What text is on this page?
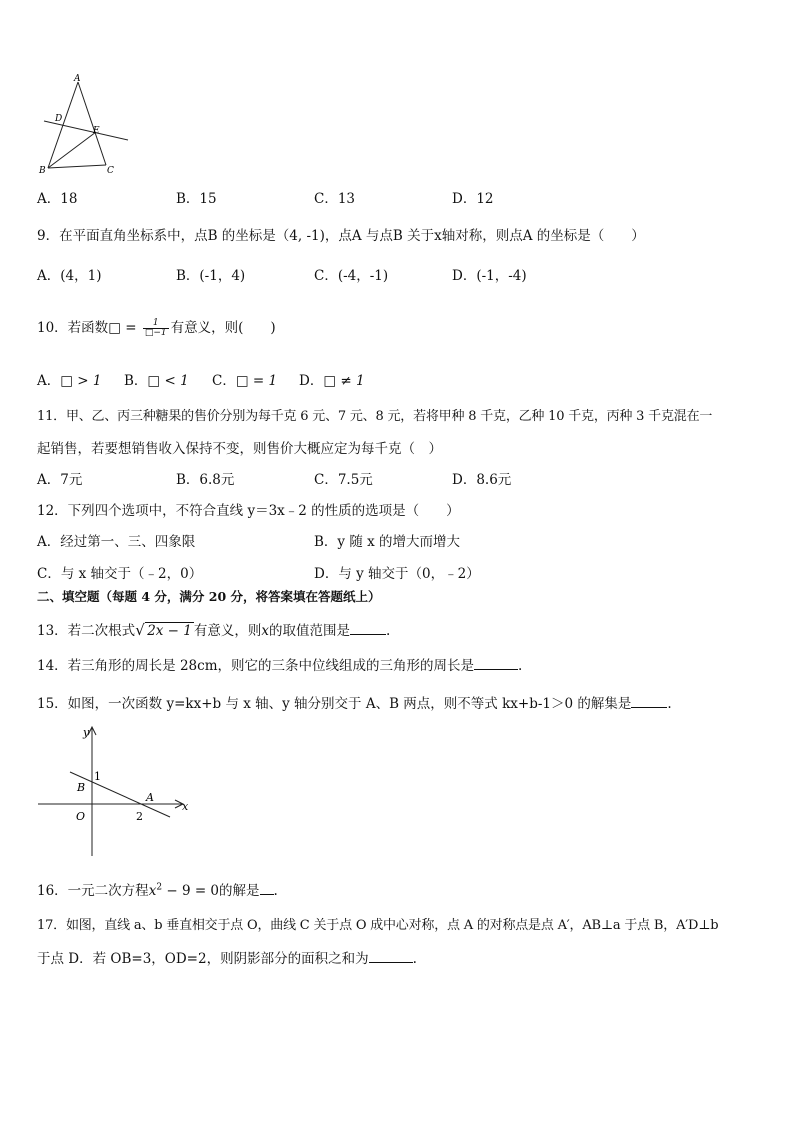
A
D
E
B	C
A．18	B．15	C．13	D．12
9．在平面直角坐标系中，点B 的坐标是（4, -1)，点A 与点B 关于x轴对称，则点A 的坐标是（　　）
A．(4，1)	B．(-1，4)	C．(-4，-1)	D．(-1，-4)
10．若函数□ = $\frac{1}{□-1}$ 有意义，则(　　)
A．□ > 1 B．□ < 1 C．□ = 1 D．□ ≠ 1
11．甲、乙、丙三种糖果的售价分别为每千克 6 元、7 元、8 元，若将甲种 8 千克，乙种 10 千克，丙种 3 千克混在一
起销售，若要想销售收入保持不变，则售价大概应定为每千克（　）
A．7元	B．6.8元	C．7.5元	D．8.6元
12．下列四个选项中，不符合直线 y＝3x﹣2 的性质的选项是（　　）
A．经过第一、三、四象限	B．y 随 x 的增大而增大
C．与 x 轴交于（﹣2，0）	D．与 y 轴交于（0，﹣2）
二、填空题（每题 4 分，满分 20 分，将答案填在答题纸上）
13．若二次根式 √ 2x − 1 有意义，则x的取值范围是	.
14．若三角形的周长是 28cm，则它的三条中位线组成的三角形的周长是	.
15．如图，一次函数 y=kx+b 与 x 轴、y 轴分别交于 A、B 两点，则不等式 kx+b-1＞0 的解集是	.
y
x
1
B
A
O	2
16．一元二次方程$x^2 - 9 = 0$的解是 .
17．如图，直线 a、b 垂直相交于点 O，曲线 C 关于点 O 成中心对称，点 A 的对称点是点 A′，AB⊥a 于点 B，A′D⊥b
于点 D．若 OB=3，OD=2，则阴影部分的面积之和为	.
